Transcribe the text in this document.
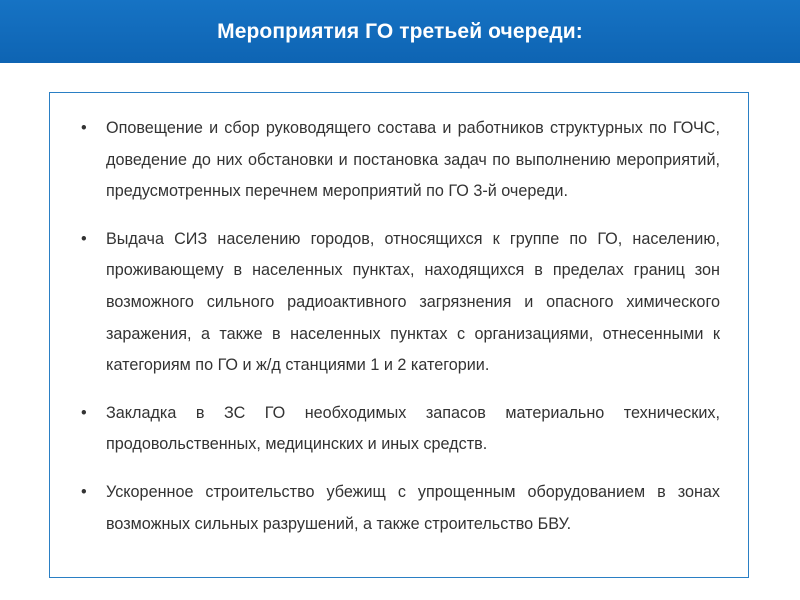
Мероприятия ГО третьей очереди:
• Оповещение и сбор руководящего состава и работников структурных по ГОЧС, доведение до них обстановки и постановка задач по выполнению мероприятий, предусмотренных перечнем мероприятий по ГО 3-й очереди.
• Выдача СИЗ населению городов, относящихся к группе по ГО, населению, проживающему в населенных пунктах, находящихся в пределах границ зон возможного сильного радиоактивного загрязнения и опасного химического заражения, а также в населенных пунктах с организациями, отнесенными к категориям по ГО и ж/д станциями 1 и 2 категории.
• Закладка в ЗС ГО необходимых запасов материально технических, продовольственных, медицинских и иных средств.
• Ускоренное строительство убежищ с упрощенным оборудованием в зонах возможных сильных разрушений, а также строительство БВУ.
